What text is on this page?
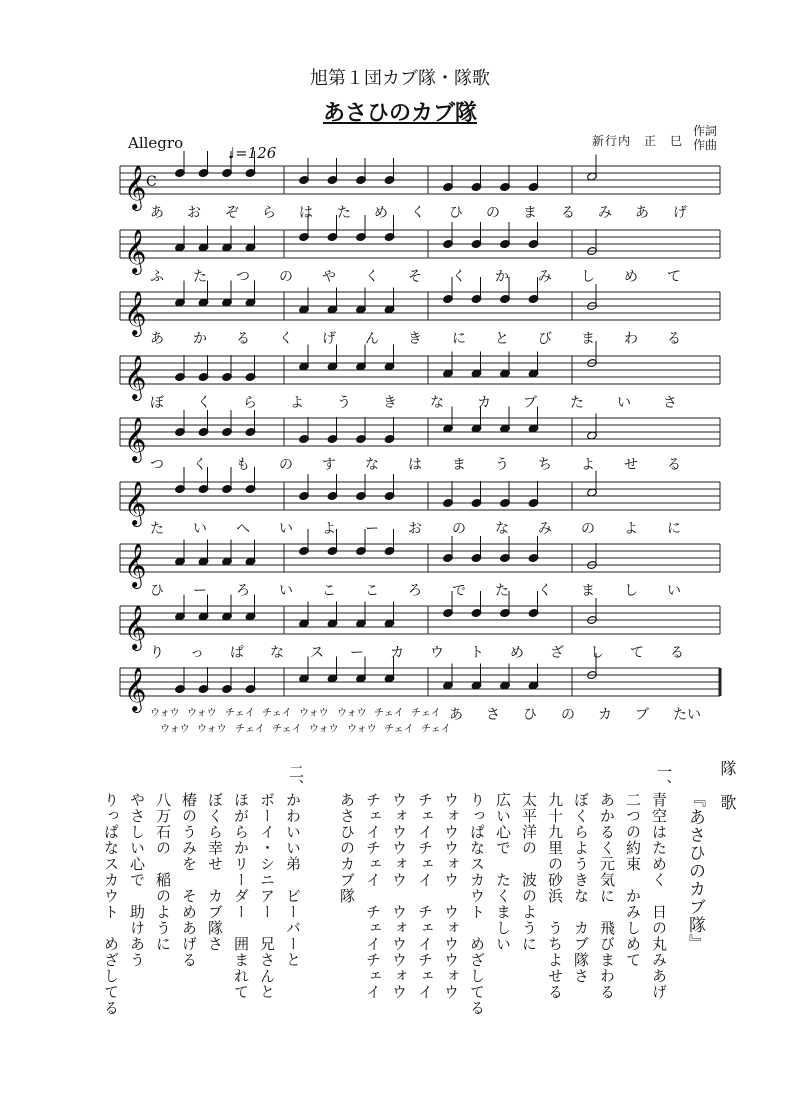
旭第１団カブ隊・隊歌
あさひのカブ隊
Allegro
♩=126
新行内　正　巳
作詞
作曲
𝄞 C
𝄞
𝄞
𝄞
𝄞
𝄞
𝄞
𝄞
𝄞
あ お ぞ ら は た め く ひ の ま る み あ げ
ふ た つ の や く そ く か み し め て
あ か る く げ ん き に と び ま わ る
ぼ く ら よ う き な カ ブ た い さ
つ く も の す な は ま う ち よ せ る
た い へ い よ ー お の な み の よ に
ひ ー ろ い こ こ ろ で た く ま し い
り っ ぱ な ス ー カ ウ ト め ざ し て る
ウォウ ウォウ チェイ チェイ ウォウ ウォウ チェイ チェイ あ さ ひ の カ ブ たい
ウォウ ウォウ チェイ チェイ ウォウ ウォウ チェイ チェイ
隊　歌
『あさひのカブ隊』
一、
二、
青空はためく　日の丸みあげ
二つの約束　かみしめて
あかるく元気に　飛びまわる
ぼくらようきな　カブ隊さ
九十九里の砂浜　うちよせる
太平洋の　波のように
広い心で　たくましい
りっぱなスカウト　めざしてる
ウォウウォウ　ウォウウォウ
チェイチェイ　チェイチェイ
ウォウウォウ　ウォウウォウ
チェイチェイ　チェイチェイ
あさひのカブ隊
かわいい弟　ビーバーと
ボーイ・シニアー　兄さんと
ほがらかリーダー　囲まれて
ぼくら幸せ　カブ隊さ
椿のうみを　そめあげる
八万石の　稲のように
やさしい心で　助けあう
りっぱなスカウト　めざしてる
